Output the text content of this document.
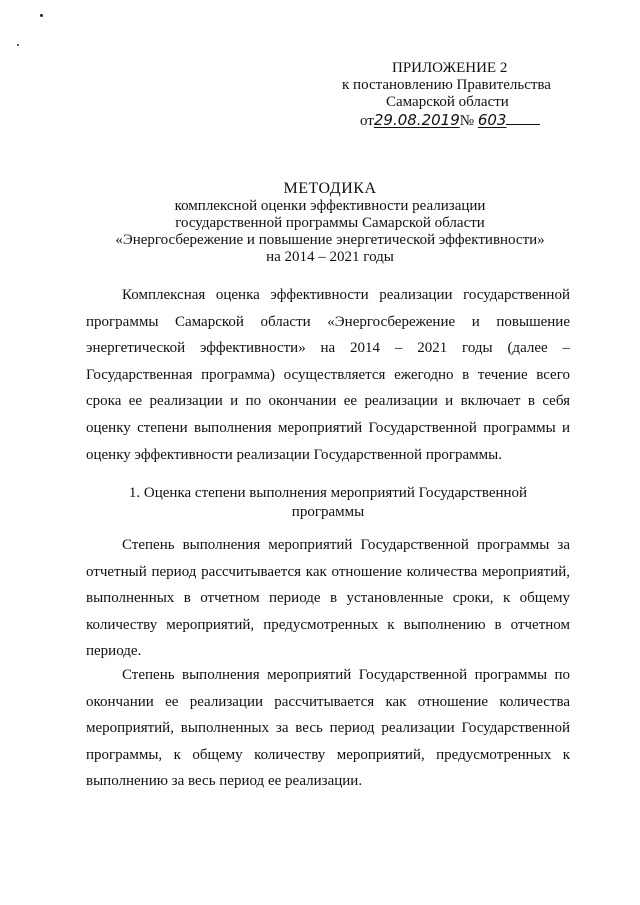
ПРИЛОЖЕНИЕ 2
к постановлению Правительства
Самарской области
от29.08.2019№ 603
МЕТОДИКА
комплексной оценки эффективности реализации
государственной программы Самарской области
«Энергосбережение и повышение энергетической эффективности»
на 2014 – 2021 годы

Комплексная оценка эффективности реализации государственной программы Самарской области «Энергосбережение и повышение энергетической эффективности» на 2014 – 2021 годы (далее – Государственная программа) осуществляется ежегодно в течение всего срока ее реализации и по окончании ее реализации и включает в себя оценку степени выполнения мероприятий Государственной программы и оценку эффективности реализации Государственной программы.

1. Оценка степени выполнения мероприятий Государственной
программы

Степень выполнения мероприятий Государственной программы за отчетный период рассчитывается как отношение количества мероприятий, выполненных в отчетном периоде в установленные сроки, к общему количеству мероприятий, предусмотренных к выполнению в отчетном периоде.

Степень выполнения мероприятий Государственной программы по окончании ее реализации рассчитывается как отношение количества мероприятий, выполненных за весь период реализации Государственной программы, к общему количеству мероприятий, предусмотренных к выполнению за весь период ее реализации.
